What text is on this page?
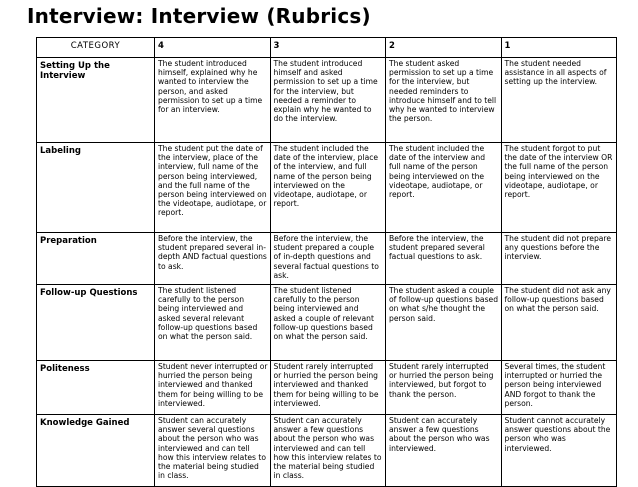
Interview: Interview (Rubrics)
CATEGORY	4	3	2	1
Setting Up the Interview	The student introduced himself, explained why he wanted to interview the person, and asked permission to set up a time for an interview.	The student introduced himself and asked permission to set up a time for the interview, but needed a reminder to explain why he wanted to do the interview.	The student asked permission to set up a time for the interview, but needed reminders to introduce himself and to tell why he wanted to interview the person.	The student needed assistance in all aspects of setting up the interview.
Labeling	The student put the date of the interview, place of the interview, full name of the person being interviewed, and the full name of the person being interviewed on the videotape, audiotape, or report.	The student included the date of the interview, place of the interview, and full name of the person being interviewed on the videotape, audiotape, or report.	The student included the date of the interview and full name of the person being interviewed on the videotape, audiotape, or report.	The student forgot to put the date of the interview OR the full name of the person being interviewed on the videotape, audiotape, or report.
Preparation	Before the interview, the student prepared several in-depth AND factual questions to ask.	Before the interview, the student prepared a couple of in-depth questions and several factual questions to ask.	Before the interview, the student prepared several factual questions to ask.	The student did not prepare any questions before the interview.
Follow-up Questions	The student listened carefully to the person being interviewed and asked several relevant follow-up questions based on what the person said.	The student listened carefully to the person being interviewed and asked a couple of relevant follow-up questions based on what the person said.	The student asked a couple of follow-up questions based on what s/he thought the person said.	The student did not ask any follow-up questions based on what the person said.
Politeness	Student never interrupted or hurried the person being interviewed and thanked them for being willing to be interviewed.	Student rarely interrupted or hurried the person being interviewed and thanked them for being willing to be interviewed.	Student rarely interrupted or hurried the person being interviewed, but forgot to thank the person.	Several times, the student interrupted or hurried the person being interviewed AND forgot to thank the person.
Knowledge Gained	Student can accurately answer several questions about the person who was interviewed and can tell how this interview relates to the material being studied in class.	Student can accurately answer a few questions about the person who was interviewed and can tell how this interview relates to the material being studied in class.	Student can accurately answer a few questions about the person who was interviewed.	Student cannot accurately answer questions about the person who was interviewed.
